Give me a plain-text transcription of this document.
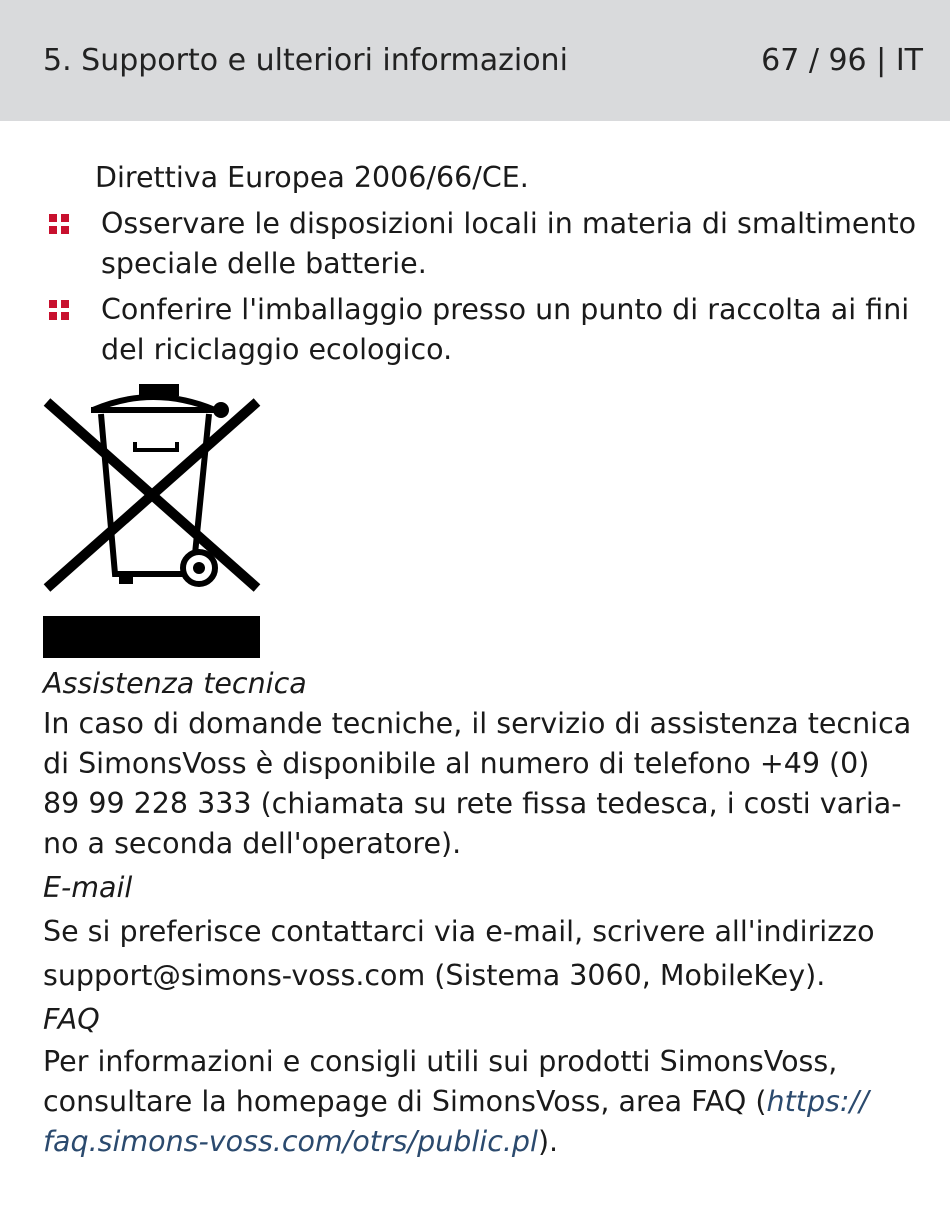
5. Supporto e ulteriori informazioni	67 / 96 | IT
Direttiva Europea 2006/66/CE.
Osservare le disposizioni locali in materia di smaltimento speciale delle batterie.
Conferire l'imballaggio presso un punto di raccolta ai fini del riciclaggio ecologico.
Assistenza tecnica
In caso di domande tecniche, il servizio di assistenza tecnica
di SimonsVoss è disponibile al numero di telefono +49 (0)
89 99 228 333 (chiamata su rete fissa tedesca, i costi varia-
no a seconda dell'operatore).
E-mail
Se si preferisce contattarci via e-mail, scrivere all'indirizzo
support@simons-voss.com (Sistema 3060, MobileKey).
FAQ
Per informazioni e consigli utili sui prodotti SimonsVoss,
consultare la homepage di SimonsVoss, area FAQ (https://
faq.simons-voss.com/otrs/public.pl).
